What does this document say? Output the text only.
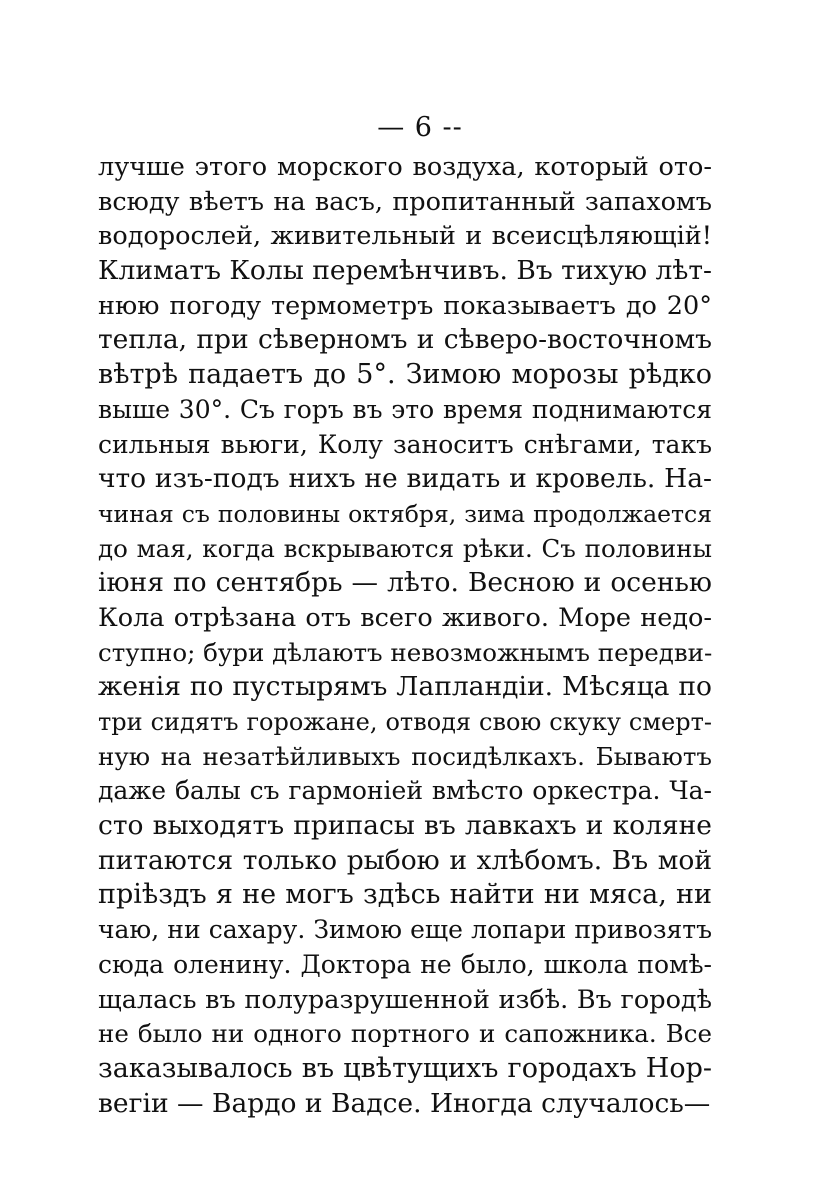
— 6 --
лучше этого морского воздуха, который ото-
всюду вѣетъ на васъ, пропитанный запахомъ
водорослей, живительный и всеисцѣляющій!
Климатъ Колы перемѣнчивъ. Въ тихую лѣт-
нюю погоду термометръ показываетъ до 20°
тепла, при сѣверномъ и сѣверо-восточномъ
вѣтрѣ падаетъ до 5°. Зимою морозы рѣдко
выше 30°. Съ горъ въ это время поднимаются
сильныя вьюги, Колу заноситъ снѣгами, такъ
что изъ-подъ нихъ не видать и кровель. На-
чиная съ половины октября, зима продолжается
до мая, когда вскрываются рѣки. Съ половины
іюня по сентябрь — лѣто. Весною и осенью
Кола отрѣзана отъ всего живого. Море недо-
ступно; бури дѣлаютъ невозможнымъ передви-
женія по пустырямъ Лапландіи. Мѣсяца по
три сидятъ горожане, отводя свою скуку смерт-
ную на незатѣйливыхъ посидѣлкахъ. Бываютъ
даже балы съ гармоніей вмѣсто оркестра. Ча-
сто выходятъ припасы въ лавкахъ и коляне
питаются только рыбою и хлѣбомъ. Въ мой
пріѣздъ я не могъ здѣсь найти ни мяса, ни
чаю, ни сахару. Зимою еще лопари привозятъ
сюда оленину. Доктора не было, школа помѣ-
щалась въ полуразрушенной избѣ. Въ городѣ
не было ни одного портного и сапожника. Все
заказывалось въ цвѣтущихъ городахъ Нор-
вегіи — Вардо и Вадсе. Иногда случалось—
